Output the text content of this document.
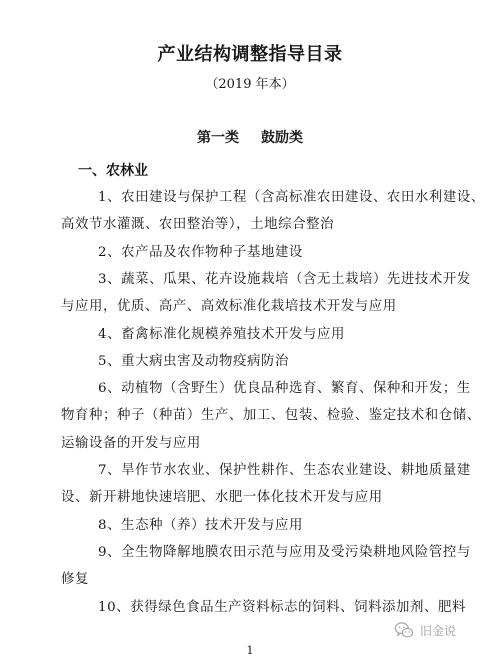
产业结构调整指导目录
（2019 年本）
第一类 鼓励类
一、农林业
1、农田建设与保护工程（含高标准农田建设、农田水利建设、
高效节水灌溉、农田整治等），土地综合整治
2、农产品及农作物种子基地建设
3、蔬菜、瓜果、花卉设施栽培（含无土栽培）先进技术开发
与应用，优质、高产、高效标准化栽培技术开发与应用
4、畜禽标准化规模养殖技术开发与应用
5、重大病虫害及动物疫病防治
6、动植物（含野生）优良品种选育、繁育、保种和开发；生
物育种；种子（种苗）生产、加工、包装、检验、鉴定技术和仓储、
运输设备的开发与应用
7、旱作节水农业、保护性耕作、生态农业建设、耕地质量建
设、新开耕地快速培肥、水肥一体化技术开发与应用
8、生态种（养）技术开发与应用
9、全生物降解地膜农田示范与应用及受污染耕地风险管控与
修复
10、获得绿色食品生产资料标志的饲料、饲料添加剂、肥料
1
旧金说
